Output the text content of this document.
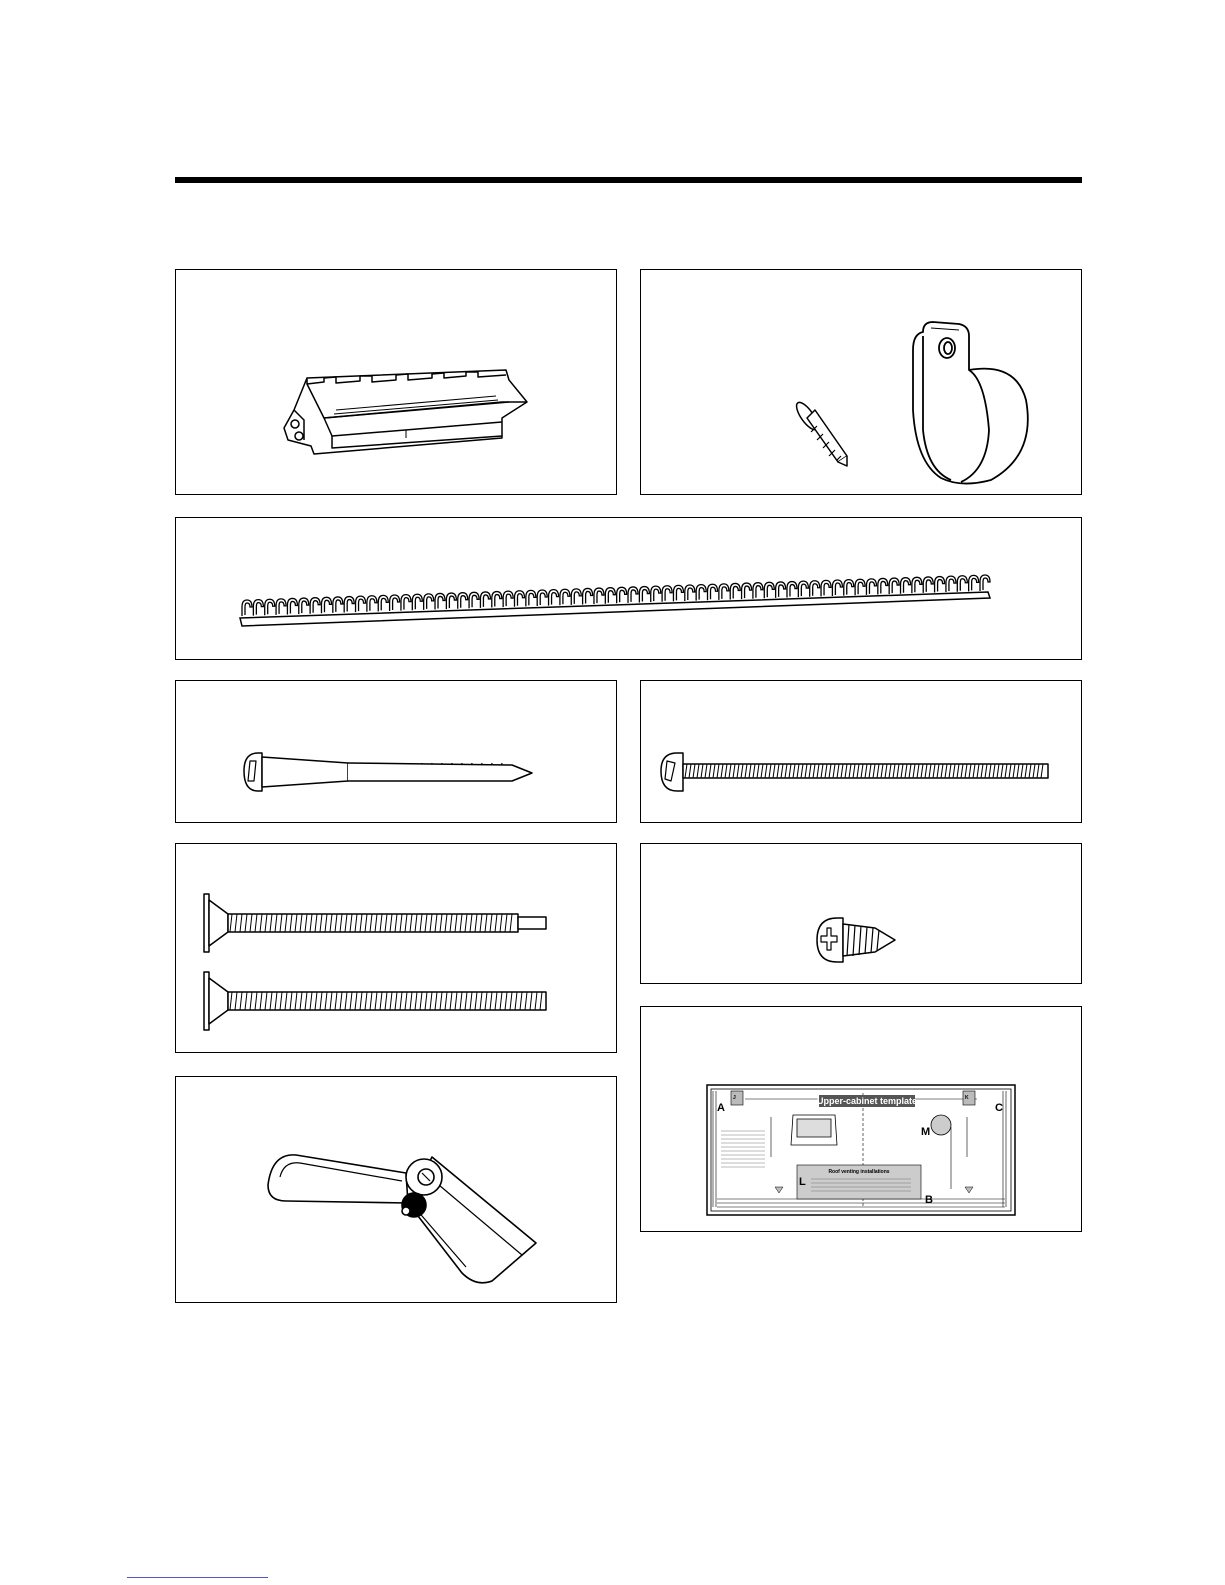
Upper-cabinet template
Roof venting installations
A
B
C
J	K
L
M
